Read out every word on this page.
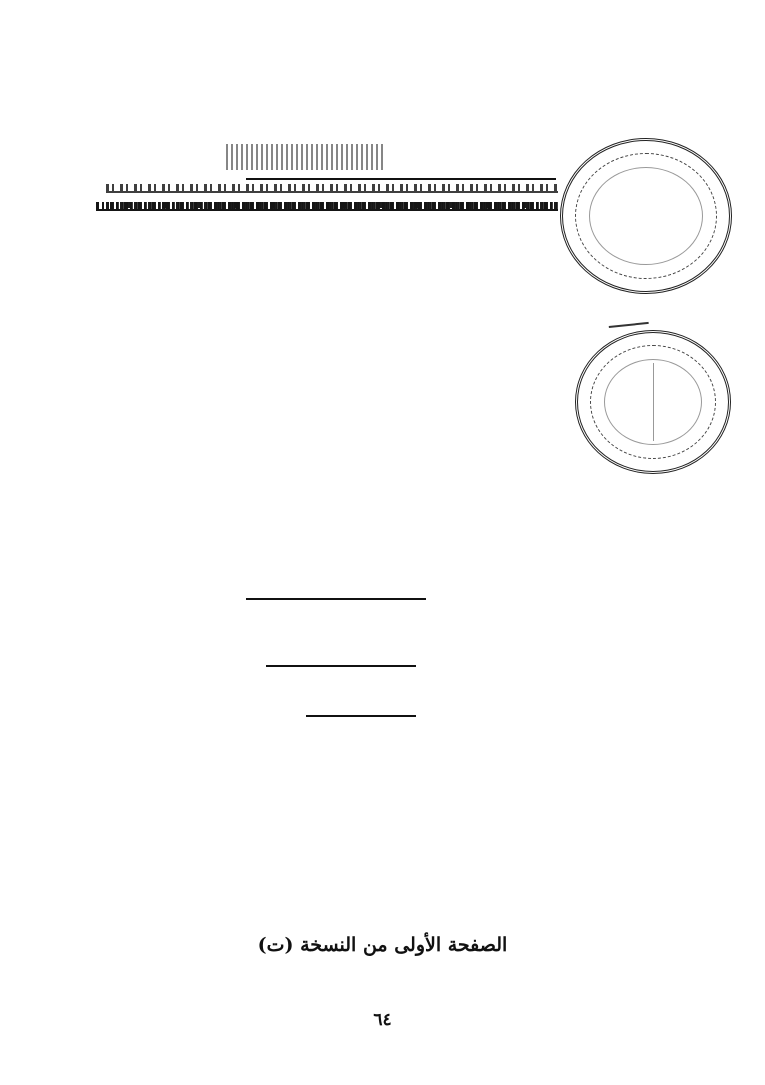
الصفحة الأولى من النسخة (ت)
٦٤
